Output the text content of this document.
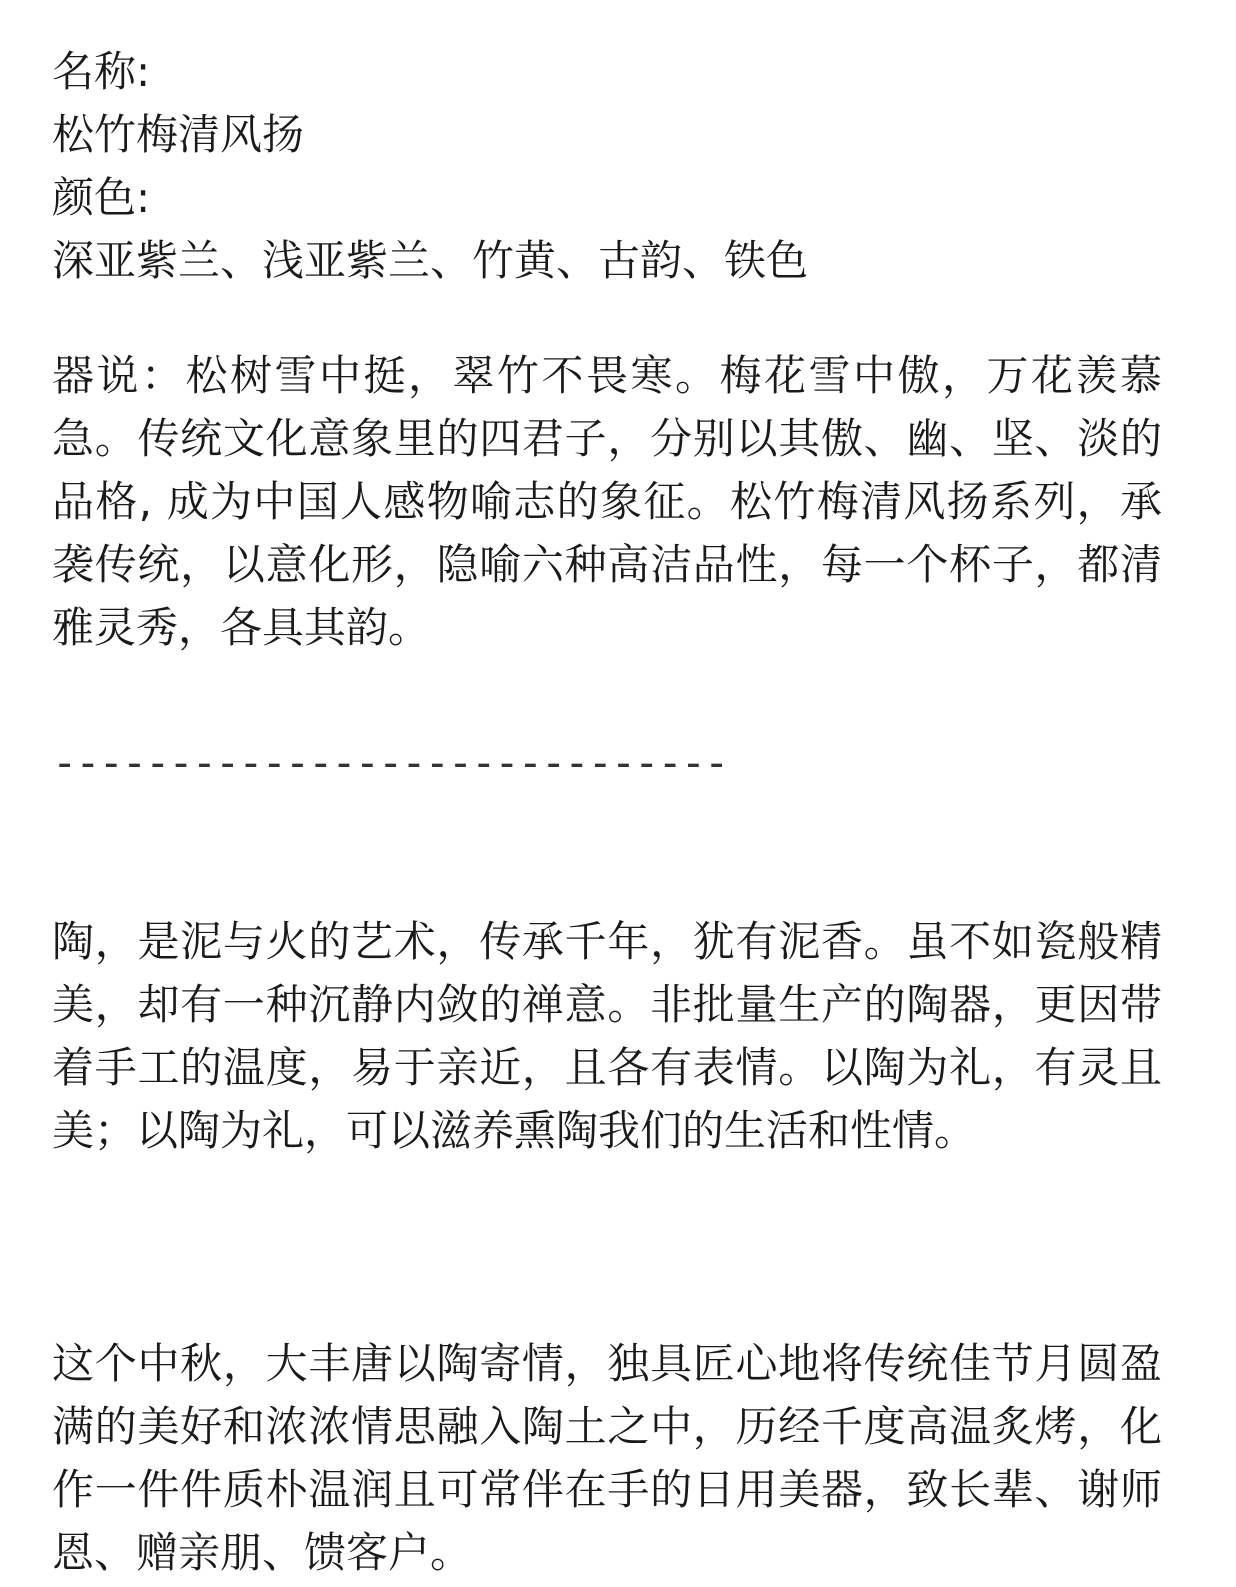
名称:

松竹梅清风扬

颜色:

深亚紫兰、浅亚紫兰、竹黄、古韵、铁色

器说：松树雪中挺，翠竹不畏寒。梅花雪中傲，万花羡慕急。传统文化意象里的四君子，分别以其傲、幽、坚、淡的品格, 成为中国人感物喻志的象征。松竹梅清风扬系列，承袭传统，以意化形，隐喻六种高洁品性，每一个杯子，都清雅灵秀，各具其韵。

-----------------------------

陶，是泥与火的艺术，传承千年，犹有泥香。虽不如瓷般精美，却有一种沉静内敛的禅意。非批量生产的陶器，更因带着手工的温度，易于亲近，且各有表情。以陶为礼，有灵且美；以陶为礼，可以滋养熏陶我们的生活和性情。

这个中秋，大丰唐以陶寄情，独具匠心地将传统佳节月圆盈满的美好和浓浓情思融入陶土之中，历经千度高温炙烤，化作一件件质朴温润且可常伴在手的日用美器，致长辈、谢师恩、赠亲朋、馈客户。
